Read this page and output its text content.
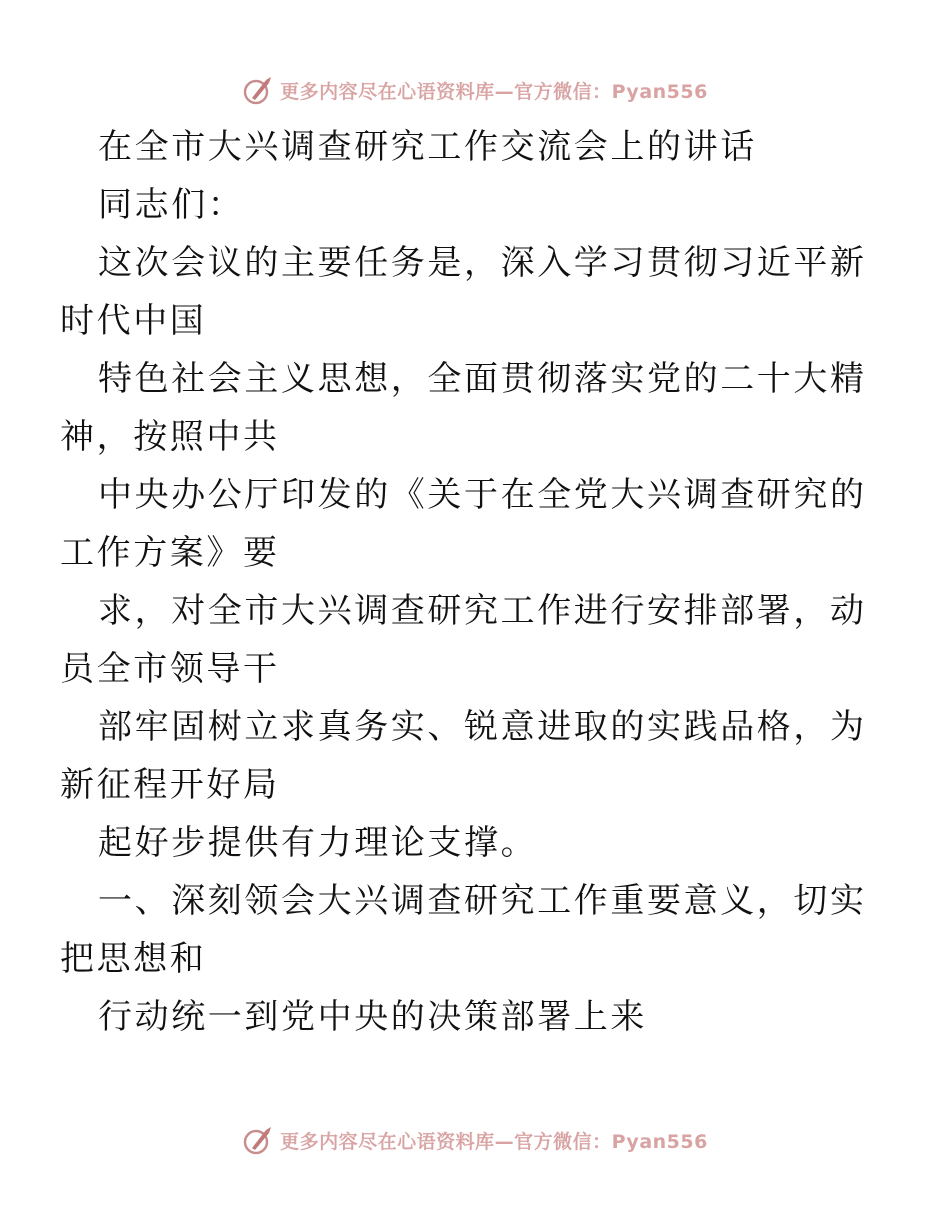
更多内容尽在心语资料库—官方微信：Pyan556

在全市大兴调查研究工作交流会上的讲话

同志们：

这次会议的主要任务是，深入学习贯彻习近平新
时代中国

特色社会主义思想，全面贯彻落实党的二十大精
神，按照中共

中央办公厅印发的《关于在全党大兴调查研究的
工作方案》要

求，对全市大兴调查研究工作进行安排部署，动
员全市领导干

部牢固树立求真务实、锐意进取的实践品格，为
新征程开好局

起好步提供有力理论支撑。

一、深刻领会大兴调查研究工作重要意义，切实
把思想和

行动统一到党中央的决策部署上来

更多内容尽在心语资料库—官方微信：Pyan556
